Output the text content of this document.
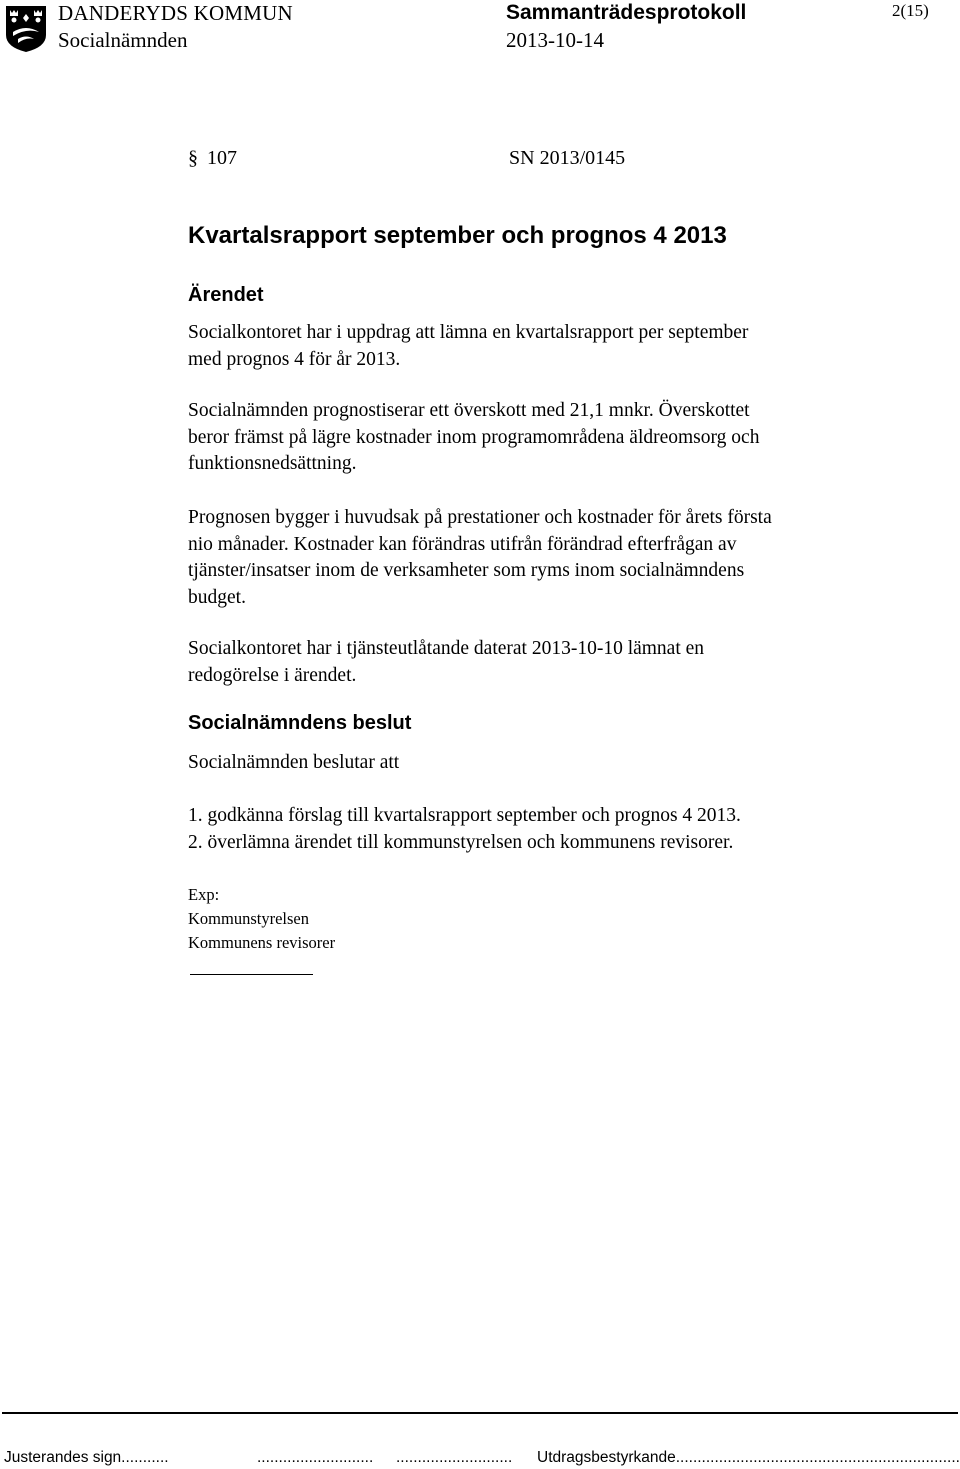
DANDERYDS KOMMUN
Socialnämnden
Sammanträdesprotokoll
2013-10-14
2(15)
§ 107	SN 2013/0145
Kvartalsrapport september och prognos 4 2013
Ärendet
Socialkontoret har i uppdrag att lämna en kvartalsrapport per september
med prognos 4 för år 2013.
Socialnämnden prognostiserar ett överskott med 21,1 mnkr. Överskottet
beror främst på lägre kostnader inom programområdena äldreomsorg och
funktionsnedsättning.
Prognosen bygger i huvudsak på prestationer och kostnader för årets första
nio månader. Kostnader kan förändras utifrån förändrad efterfrågan av
tjänster/insatser inom de verksamheter som ryms inom socialnämndens
budget.
Socialkontoret har i tjänsteutlåtande daterat 2013-10-10 lämnat en
redogörelse i ärendet.
Socialnämndens beslut
Socialnämnden beslutar att
1. godkänna förslag till kvartalsrapport september och prognos 4 2013.
2. överlämna ärendet till kommunstyrelsen och kommunens revisorer.
Exp:
Kommunstyrelsen
Kommunens revisorer
Justerandes sign...........	........................... ........................... Utdragsbestyrkande..................................................................
